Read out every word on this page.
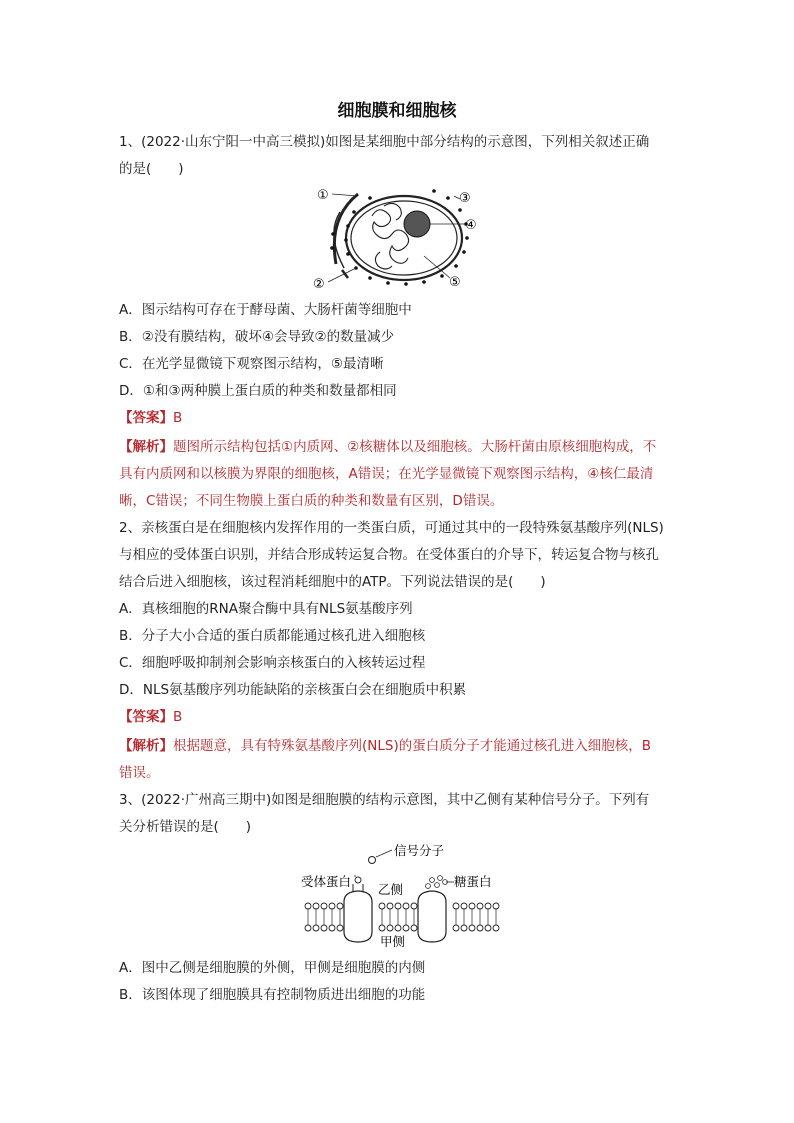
细胞膜和细胞核
1、(2022·山东宁阳一中高三模拟)如图是某细胞中部分结构的示意图，下列相关叙述正确
的是(　　)
①
②
③
④
⑤
A．图示结构可存在于酵母菌、大肠杆菌等细胞中
B．②没有膜结构，破坏④会导致②的数量减少
C．在光学显微镜下观察图示结构，⑤最清晰
D．①和③两种膜上蛋白质的种类和数量都相同
【答案】B
【解析】题图所示结构包括①内质网、②核糖体以及细胞核。大肠杆菌由原核细胞构成，不
具有内质网和以核膜为界限的细胞核，A错误；在光学显微镜下观察图示结构，④核仁最清
晰，C错误；不同生物膜上蛋白质的种类和数量有区别，D错误。
2、亲核蛋白是在细胞核内发挥作用的一类蛋白质，可通过其中的一段特殊氨基酸序列(NLS)
与相应的受体蛋白识别，并结合形成转运复合物。在受体蛋白的介导下，转运复合物与核孔
结合后进入细胞核，该过程消耗细胞中的ATP。下列说法错误的是(　　)
A．真核细胞的RNA聚合酶中具有NLS氨基酸序列
B．分子大小合适的蛋白质都能通过核孔进入细胞核
C．细胞呼吸抑制剂会影响亲核蛋白的入核转运过程
D．NLS氨基酸序列功能缺陷的亲核蛋白会在细胞质中积累
【答案】B
【解析】根据题意，具有特殊氨基酸序列(NLS)的蛋白质分子才能通过核孔进入细胞核，B
错误。
3、(2022·广州高三期中)如图是细胞膜的结构示意图，其中乙侧有某种信号分子。下列有
关分析错误的是(　　)
信号分子
受体蛋白
乙侧
糖蛋白
甲侧
A．图中乙侧是细胞膜的外侧，甲侧是细胞膜的内侧
B．该图体现了细胞膜具有控制物质进出细胞的功能
